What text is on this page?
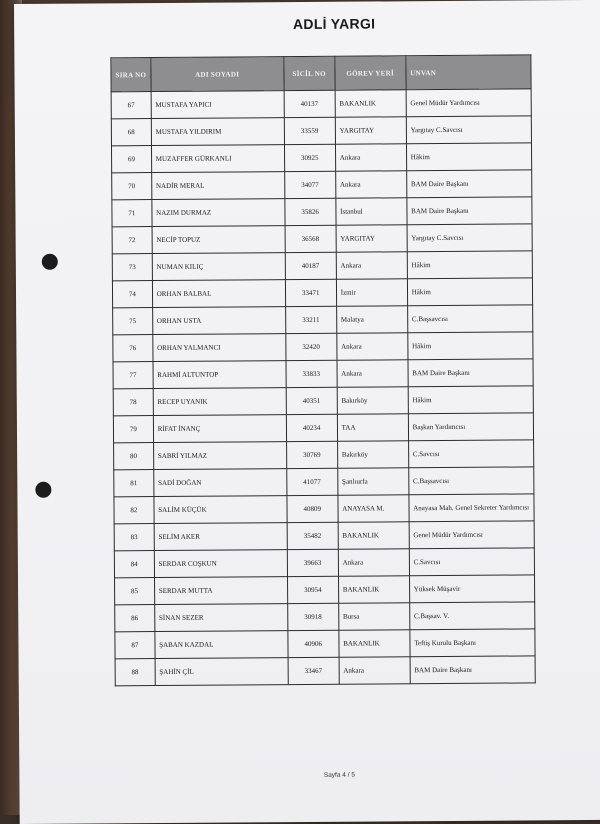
ADLİ YARGI
SIRA NO	ADI SOYADI	SİCİL NO	GÖREV YERİ	UNVAN
67	MUSTAFA YAPICI	40137	BAKANLIK	Genel Müdür Yardımcısı
68	MUSTAFA YILDIRIM	33559	YARGITAY	Yargıtay C.Savcısı
69	MUZAFFER GÜRKANLI	30925	Ankara	Hâkim
70	NADİR MERAL	34077	Ankara	BAM Daire Başkanı
71	NAZIM DURMAZ	35826	İstanbul	BAM Daire Başkanı
72	NECİP TOPUZ	36568	YARGITAY	Yargıtay C.Savcısı
73	NUMAN KILIÇ	40187	Ankara	Hâkim
74	ORHAN BALBAL	33471	İzmir	Hâkim
75	ORHAN USTA	33211	Malatya	C.Başsavcısı
76	ORHAN YALMANCI	32420	Ankara	Hâkim
77	RAHMİ ALTUNTOP	33833	Ankara	BAM Daire Başkanı
78	RECEP UYANIK	40351	Bakırköy	Hâkim
79	RİFAT İNANÇ	40234	TAA	Başkan Yardımcısı
80	SABRİ YILMAZ	30769	Bakırköy	C.Savcısı
81	SADİ DOĞAN	41077	Şanlıurfa	C.Başsavcısı
82	SALİM KÜÇÜK	40809	ANAYASA M.	Anayasa Mah. Genel Sekreter Yardımcısı
83	SELİM AKER	35482	BAKANLIK	Genel Müdür Yardımcısı
84	SERDAR COŞKUN	39663	Ankara	C.Savcısı
85	SERDAR MUTTA	30954	BAKANLIK	Yüksek Müşavir
86	SİNAN SEZER	30918	Bursa	C.Başsav. V.
87	ŞABAN KAZDAL	40906	BAKANLIK	Teftiş Kurulu Başkanı
88	ŞAHİN ÇİL	33467	Ankara	BAM Daire Başkanı
Sayfa 4 / 5
